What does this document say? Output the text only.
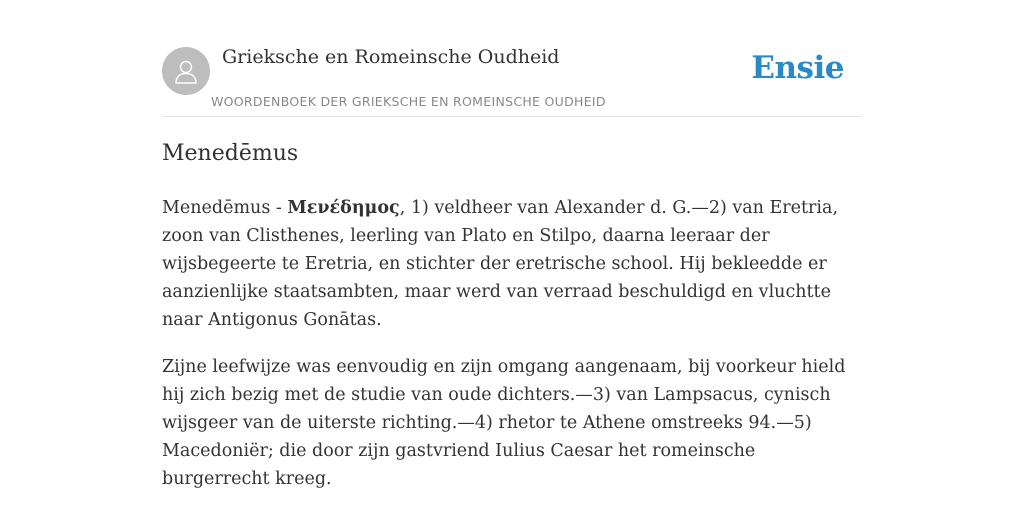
Grieksche en Romeinsche Oudheid
WOORDENBOEK DER GRIEKSCHE EN ROMEINSCHE OUDHEID
Ensie
Menedēmus

Menedēmus - Μενέδημος, 1) veldheer van Alexander d. G.—2) van Eretria, zoon van Clisthenes, leerling van Plato en Stilpo, daarna leeraar der wijsbegeerte te Eretria, en stichter der eretrische school. Hij bekleedde er aanzienlijke staatsambten, maar werd van verraad beschuldigd en vluchtte naar Antigonus Gonātas.

Zijne leefwijze was eenvoudig en zijn omgang aangenaam, bij voorkeur hield hij zich bezig met de studie van oude dichters.—3) van Lampsacus, cynisch wijsgeer van de uiterste richting.—4) rhetor te Athene omstreeks 94.—5) Macedoniër; die door zijn gastvriend Iulius Caesar het romeinsche burgerrecht kreeg.
